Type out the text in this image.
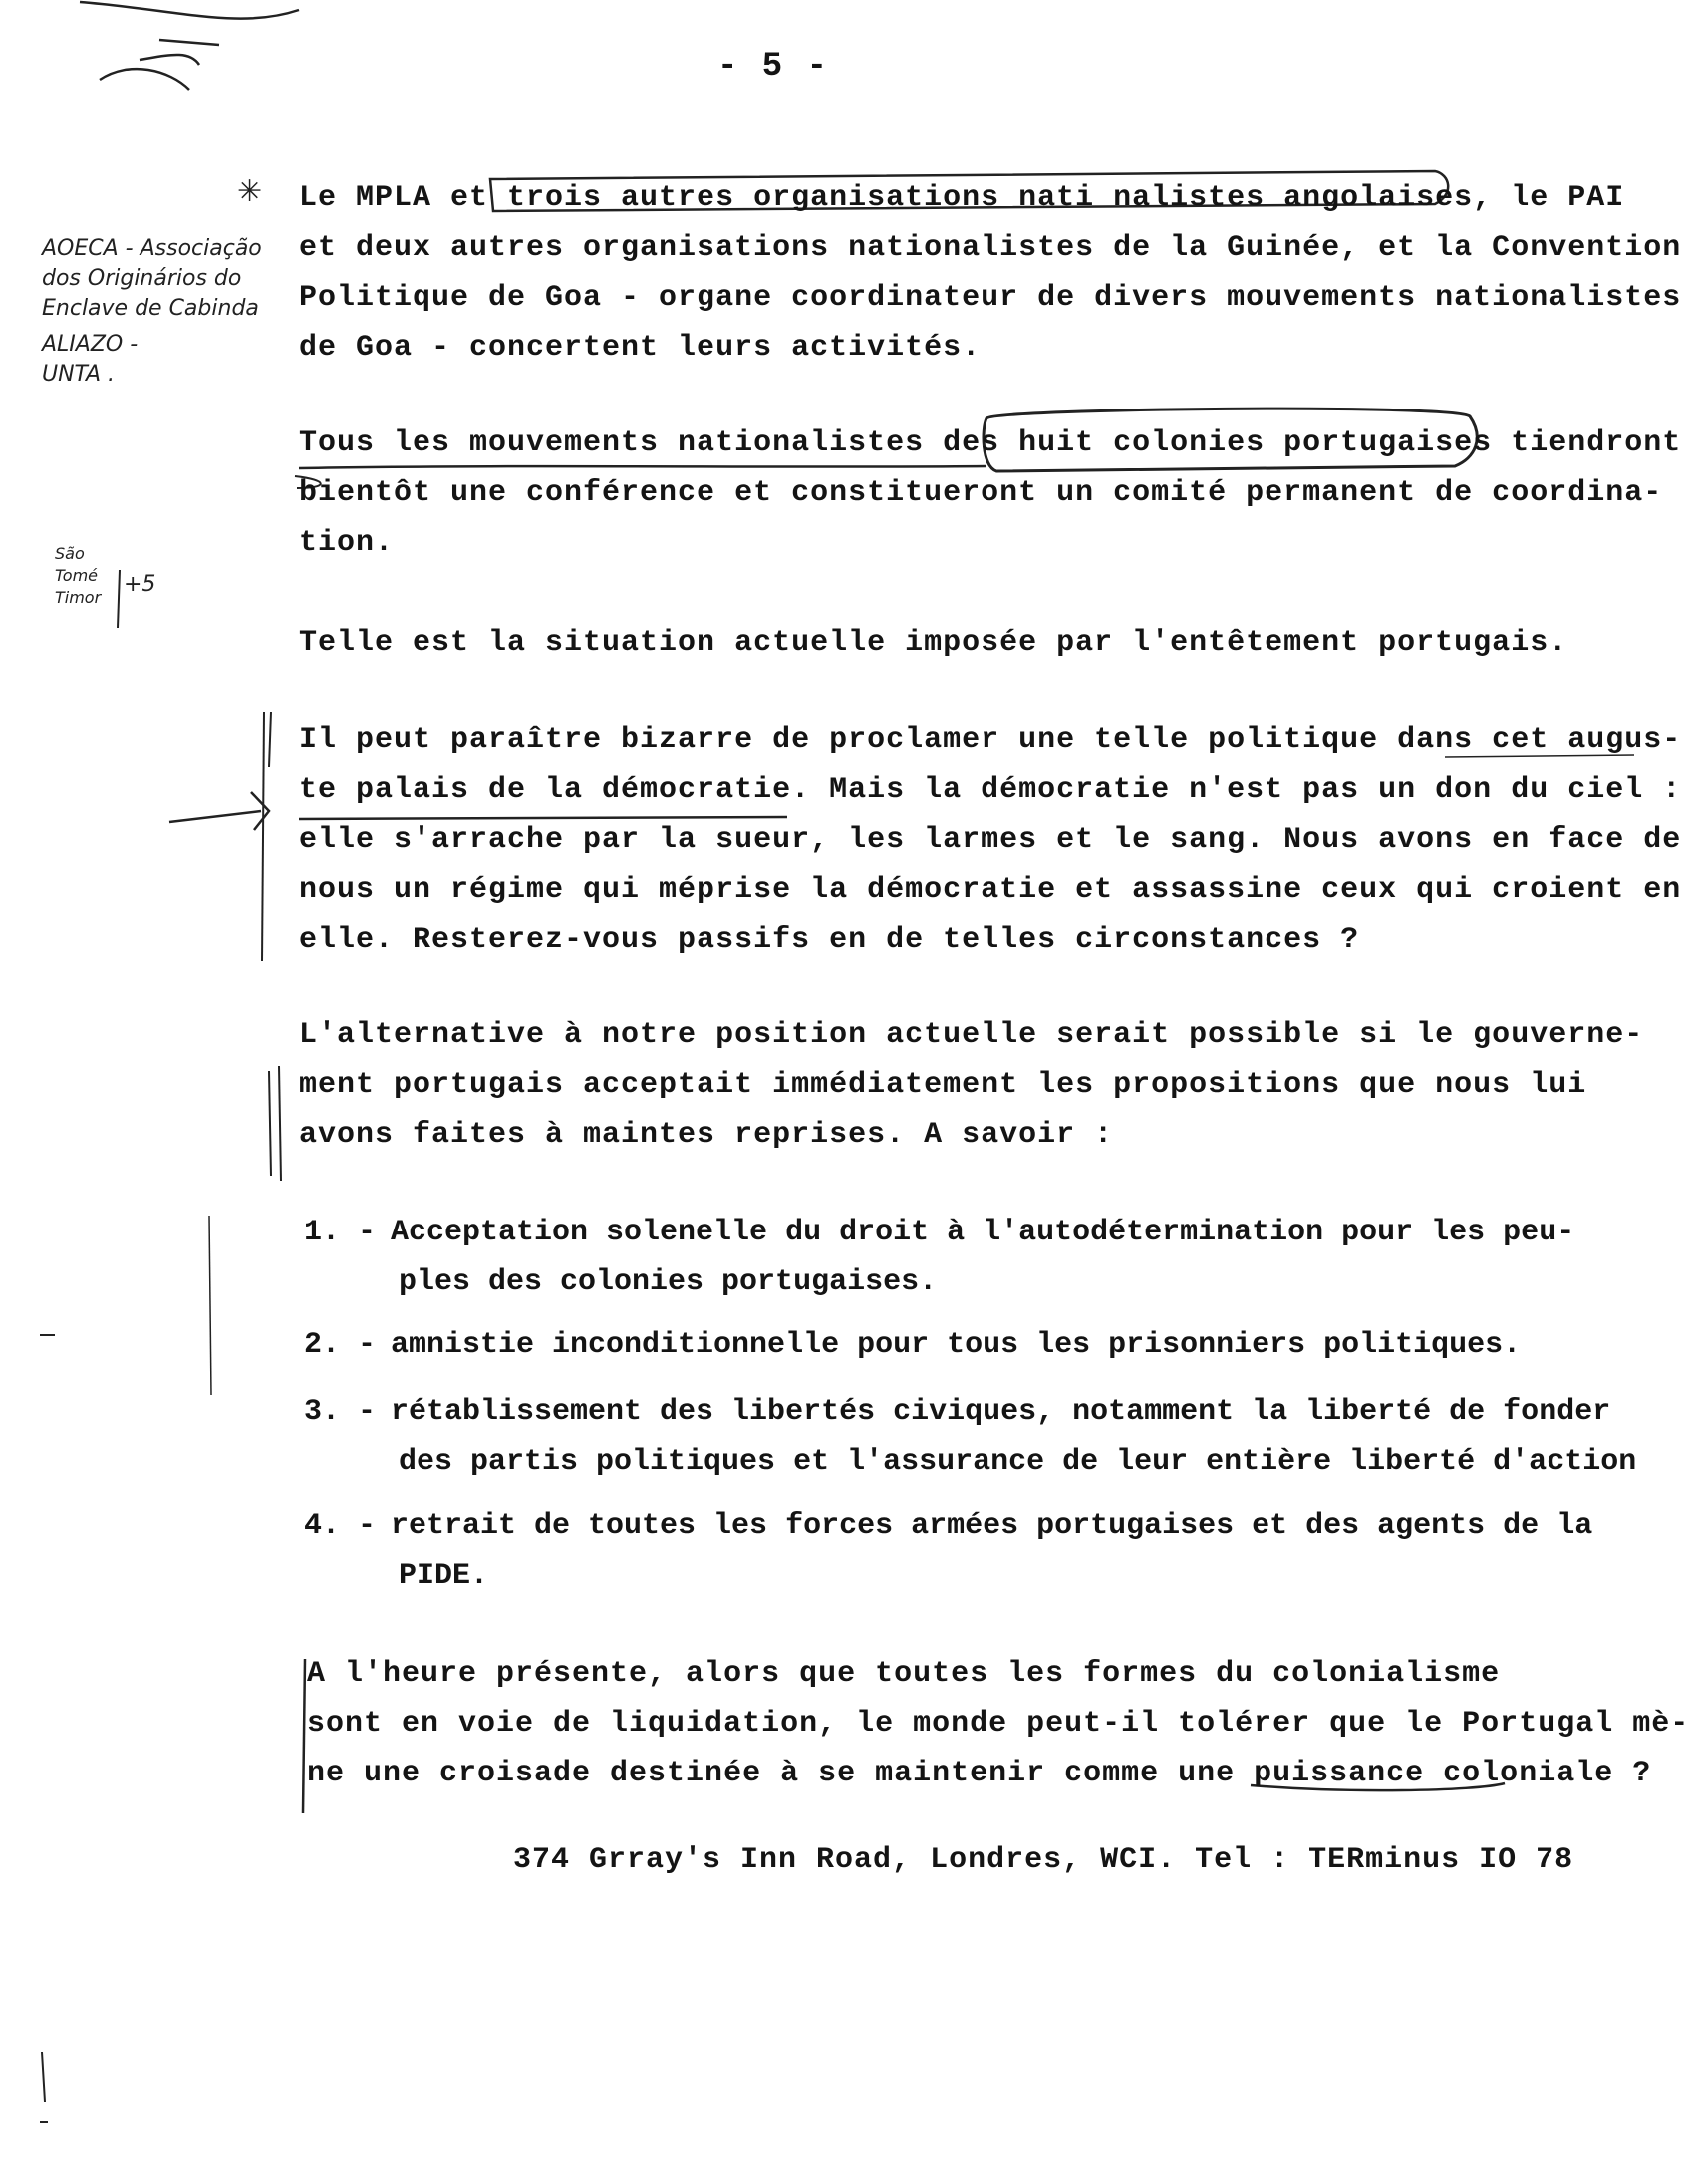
✳
AOECA - Associação
dos Originários do
Enclave de Cabinda
ALIAZO -
UNTA .
São
Tomé
Timor
+5
- 5 -
Le MPLA et trois autres organisations nati nalistes angolaises, le PAI
et deux autres organisations nationalistes de la Guinée, et la Convention
Politique de Goa - organe coordinateur de divers mouvements nationalistes
de Goa - concertent leurs activités.
Tous les mouvements nationalistes des huit colonies portugaises tiendront
bientôt une conférence et constitueront un comité permanent de coordina-
tion.
Telle est la situation actuelle imposée par l'entêtement portugais.
Il peut paraître bizarre de proclamer une telle politique dans cet augus-
te palais de la démocratie. Mais la démocratie n'est pas un don du ciel :
elle s'arrache par la sueur, les larmes et le sang. Nous avons en face de
nous un régime qui méprise la démocratie et assassine ceux qui croient en
elle. Resterez-vous passifs en de telles circonstances ?
L'alternative à notre position actuelle serait possible si le gouverne-
ment portugais acceptait immédiatement les propositions que nous lui
avons faites à maintes reprises. A savoir :
1. - Acceptation solenelle du droit à l'autodétermination pour les peu-
ples des colonies portugaises.
2. - amnistie inconditionnelle pour tous les prisonniers politiques.
3. - rétablissement des libertés civiques, notamment la liberté de fonder
des partis politiques et l'assurance de leur entière liberté d'action
4. - retrait de toutes les forces armées portugaises et des agents de la
PIDE.
A l'heure présente, alors que toutes les formes du colonialisme
sont en voie de liquidation, le monde peut-il tolérer que le Portugal mè-
ne une croisade destinée à se maintenir comme une puissance coloniale ?
374 Grray's Inn Road, Londres, WCI. Tel : TERminus IO 78
